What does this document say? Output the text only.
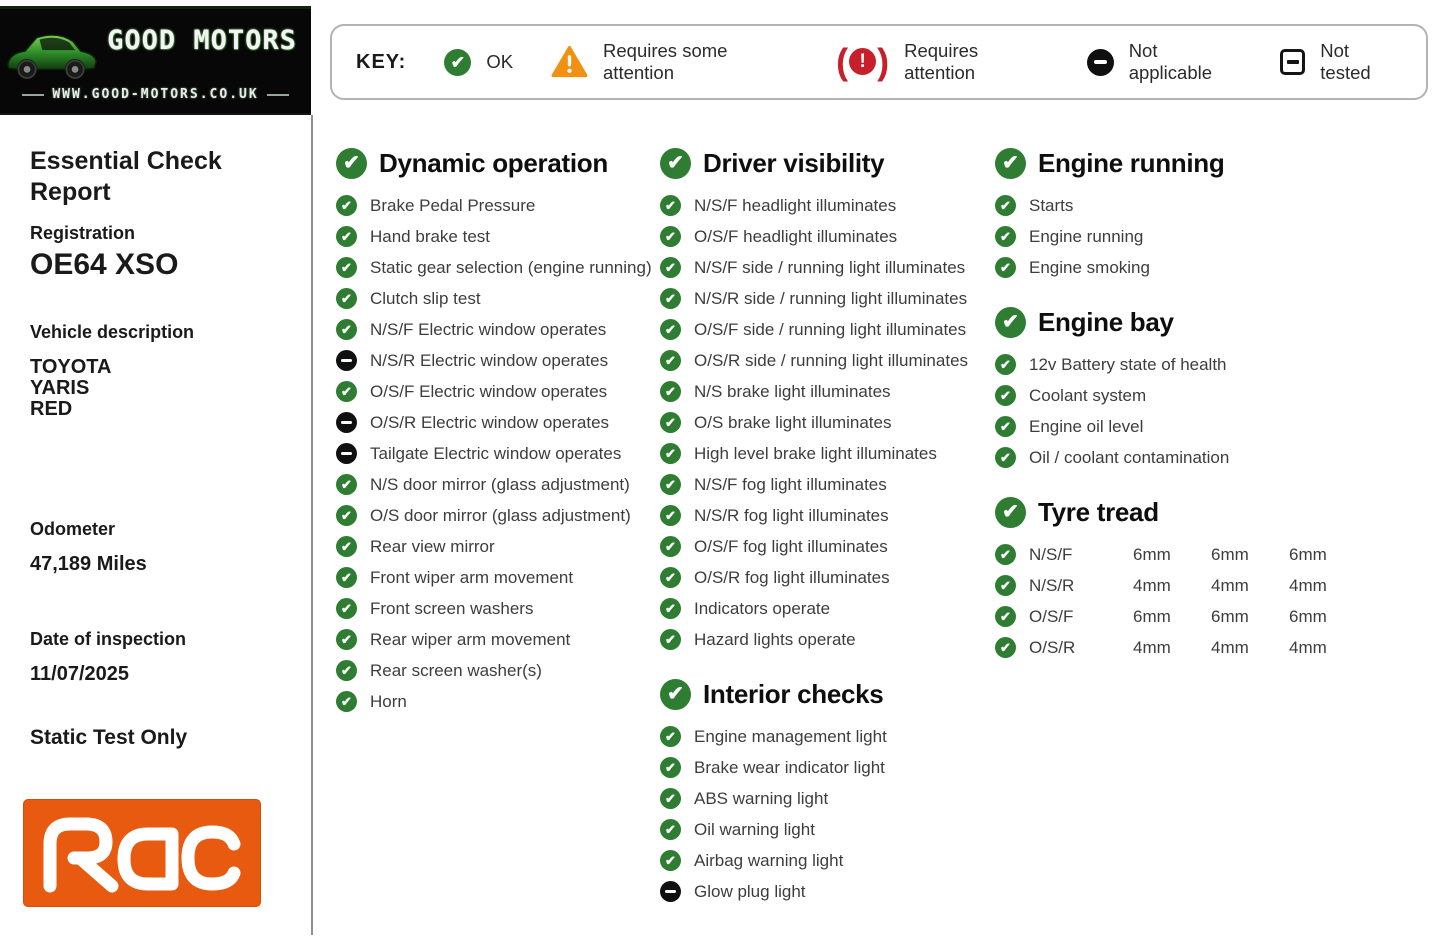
GOOD MOTORS
WWW.GOOD-MOTORS.CO.UK
KEY:	✔	OK
Requires some attention	( ! ) Requires attention
Not applicable
Not tested
Essential Check Report
Registration
OE64 XSO
Vehicle description
TOYOTA
YARIS
RED
Odometer
47,189 Miles
Date of inspection
11/07/2025
Static Test Only
✔ Dynamic operation
✔ Brake Pedal Pressure
✔ Hand brake test
✔ Static gear selection (engine running)
✔ Clutch slip test
✔ N/S/F Electric window operates
N/S/R Electric window operates
✔ O/S/F Electric window operates
O/S/R Electric window operates
Tailgate Electric window operates
✔ N/S door mirror (glass adjustment)
✔ O/S door mirror (glass adjustment)
✔ Rear view mirror
✔ Front wiper arm movement
✔ Front screen washers
✔ Rear wiper arm movement
✔ Rear screen washer(s)
✔ Horn
✔ Driver visibility
✔ N/S/F headlight illuminates
✔ O/S/F headlight illuminates
✔ N/S/F side / running light illuminates
✔ N/S/R side / running light illuminates
✔ O/S/F side / running light illuminates
✔ O/S/R side / running light illuminates
✔ N/S brake light illuminates
✔ O/S brake light illuminates
✔ High level brake light illuminates
✔ N/S/F fog light illuminates
✔ N/S/R fog light illuminates
✔ O/S/F fog light illuminates
✔ O/S/R fog light illuminates
✔ Indicators operate
✔ Hazard lights operate
✔ Interior checks
✔ Engine management light
✔ Brake wear indicator light
✔ ABS warning light
✔ Oil warning light
✔ Airbag warning light
Glow plug light
✔ Engine running
✔ Starts
✔ Engine running
✔ Engine smoking
✔ Engine bay
✔ 12v Battery state of health
✔ Coolant system
✔ Engine oil level
✔ Oil / coolant contamination
✔ Tyre tread
✔ N/S/F	6mm	6mm	6mm
✔ N/S/R	4mm	4mm	4mm
✔ O/S/F	6mm	6mm	6mm
✔ O/S/R	4mm	4mm	4mm
